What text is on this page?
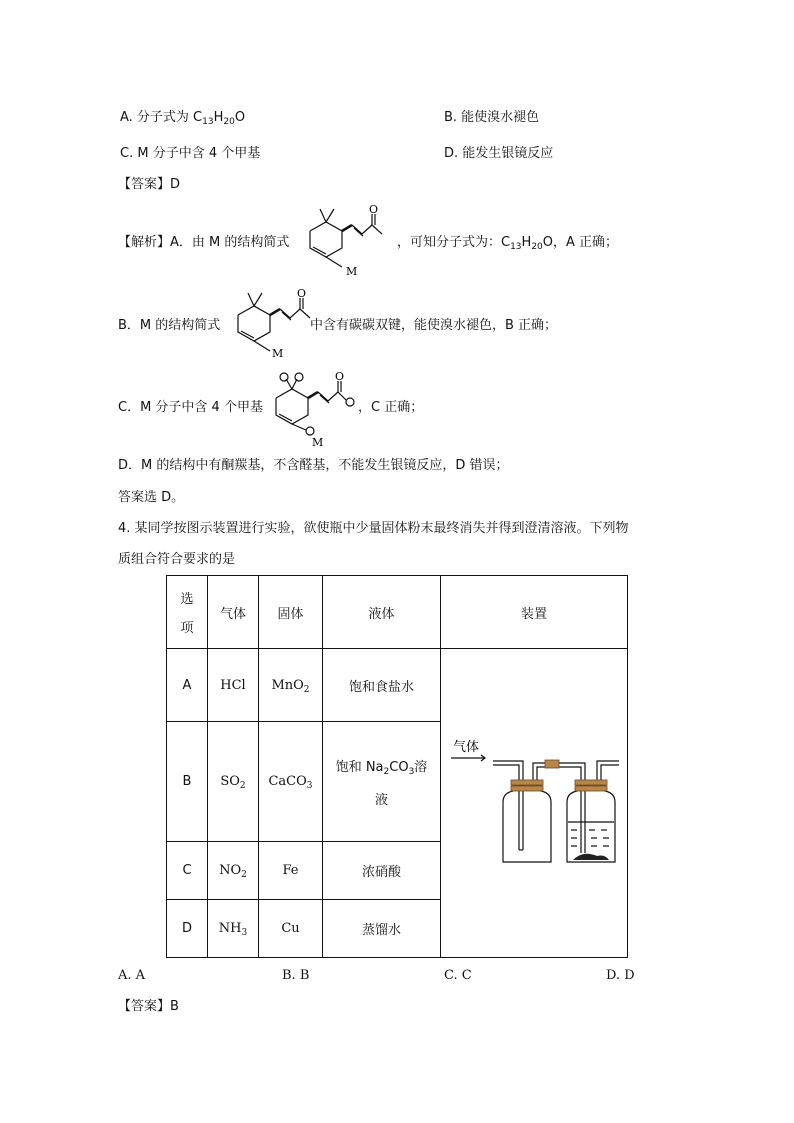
A. 分子式为 $C_{13}H_{20}O$	B. 能使溴水褪色
C. M 分子中含 4 个甲基	D. 能发生银镜反应
【答案】D
【解析】A．由 M 的结构简式
O
M
，可知分子式为：$C_{13}H_{20}O$，A 正确；
B．M 的结构简式
O
M
中含有碳碳双键，能使溴水褪色，B 正确；
C．M 分子中含 4 个甲基
O
M
，C 正确；
D．M 的结构中有酮羰基，不含醛基，不能发生银镜反应，D 错误；
答案选 D。
4. 某同学按图示装置进行实验，欲使瓶中少量固体粉末最终消失并得到澄清溶液。下列物
质组合符合要求的是
选
项	气体	固体	液体	装置
A	HCl	MnO$_2$	饱和食盐水	气体

B	$SO_2$	CaCO$_3$	饱和 $Na_2CO_3$溶
液	

C	$NO_2$	Fe	浓硝酸	
D	$NH_3$	Cu	蒸馏水	
A. A	B. B	C. C	D. D
【答案】B
